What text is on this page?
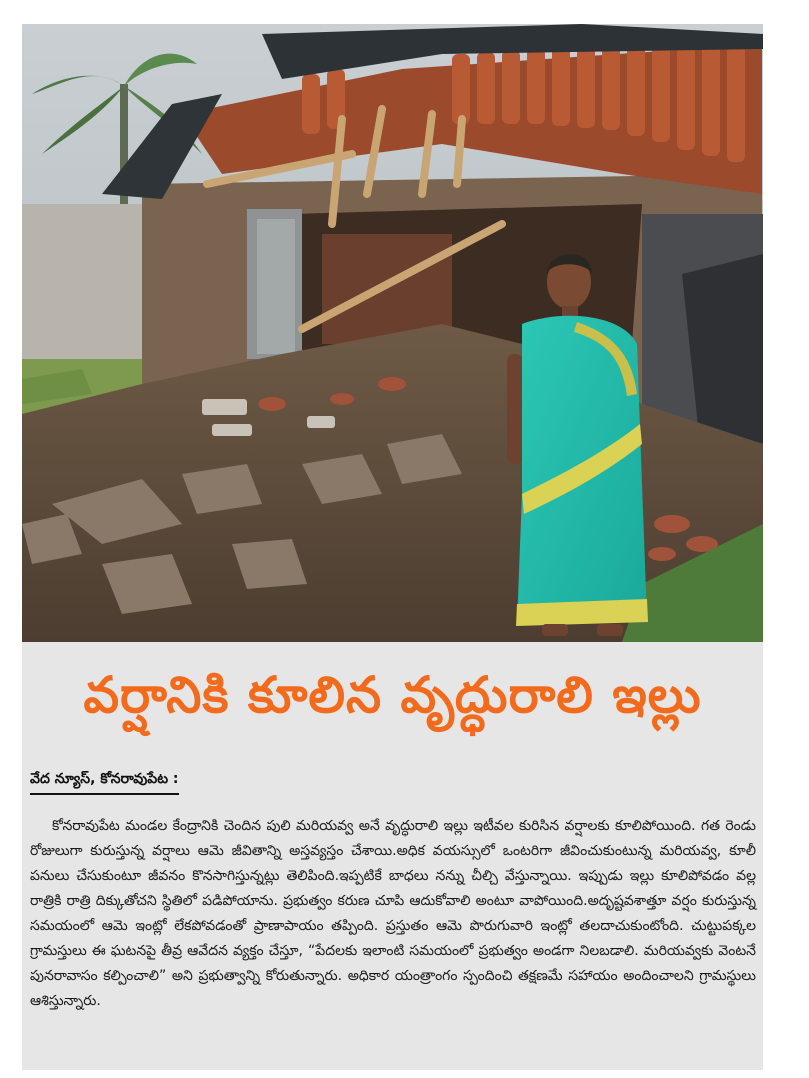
వర్షానికి కూలిన వృద్ధురాలి ఇల్లు
వేద న్యూస్, కోనరావుపేట :

కోనరావుపేట మండల కేంద్రానికి చెందిన పులి మరియవ్వ అనే వృద్ధురాలి ఇల్లు ఇటీవల కురిసిన వర్షాలకు కూలిపోయింది. గత రెండు రోజులుగా కురుస్తున్న వర్షాలు ఆమె జీవితాన్ని అస్తవ్యస్తం చేశాయి.అధిక వయస్సులో ఒంటరిగా జీవించుకుంటున్న మరియవ్వ, కూలీ పనులు చేసుకుంటూ జీవనం కొనసాగిస్తున్నట్లు తెలిపింది.ఇప్పటికే బాధలు నన్ను చీల్చి వేస్తున్నాయి. ఇప్పుడు ఇల్లు కూలిపోవడం వల్ల రాత్రికి రాత్రి దిక్కుతోచని స్థితిలో పడిపోయాను. ప్రభుత్వం కరుణ చూపి ఆదుకోవాలి అంటూ వాపోయింది.అదృష్టవశాత్తూ వర్షం కురుస్తున్న సమయంలో ఆమె ఇంట్లో లేకపోవడంతో ప్రాణాపాయం తప్పింది. ప్రస్తుతం ఆమె పొరుగువారి ఇంట్లో తలదాచుకుంటోంది. చుట్టుపక్కల గ్రామస్తులు ఈ ఘటనపై తీవ్ర ఆవేదన వ్యక్తం చేస్తూ, “పేదలకు ఇలాంటి సమయంలో ప్రభుత్వం అండగా నిలబడాలి. మరియవ్వకు వెంటనే పునరావాసం కల్పించాలి” అని ప్రభుత్వాన్ని కోరుతున్నారు. అధికార యంత్రాంగం స్పందించి తక్షణమే సహాయం అందించాలని గ్రామస్థులు ఆశిస్తున్నారు.
